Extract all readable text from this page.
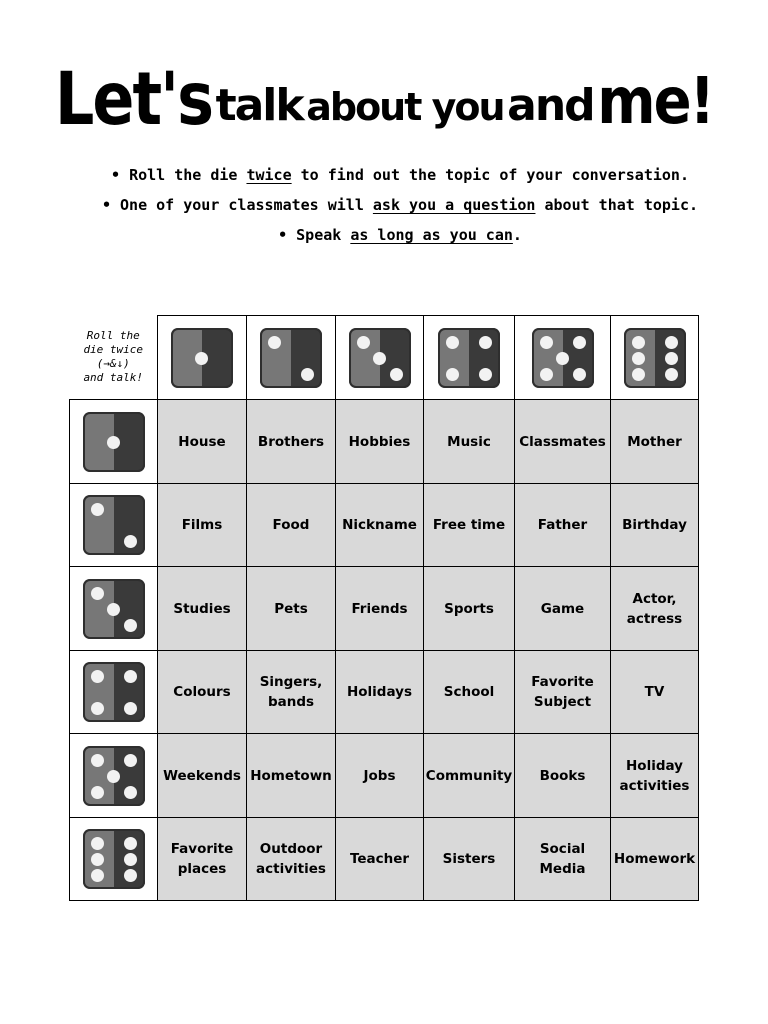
Let's talk about you and me!
• Roll the die twice to find out the topic of your conversation.
• One of your classmates will ask you a question about that topic.
• Speak as long as you can.
Roll the
die twice
(→&↓)
and talk!						

	House	Brothers	Hobbies	Music	Classmates	Mother

	Films	Food	Nickname	Free time	Father	Birthday

	Studies	Pets	Friends	Sports	Game	Actor, actress

	Colours	Singers, bands	Holidays	School	Favorite Subject	TV

	Weekends	Hometown	Jobs	Community	Books	Holiday activities

	Favorite places	Outdoor activities	Teacher	Sisters	Social Media	Homework
